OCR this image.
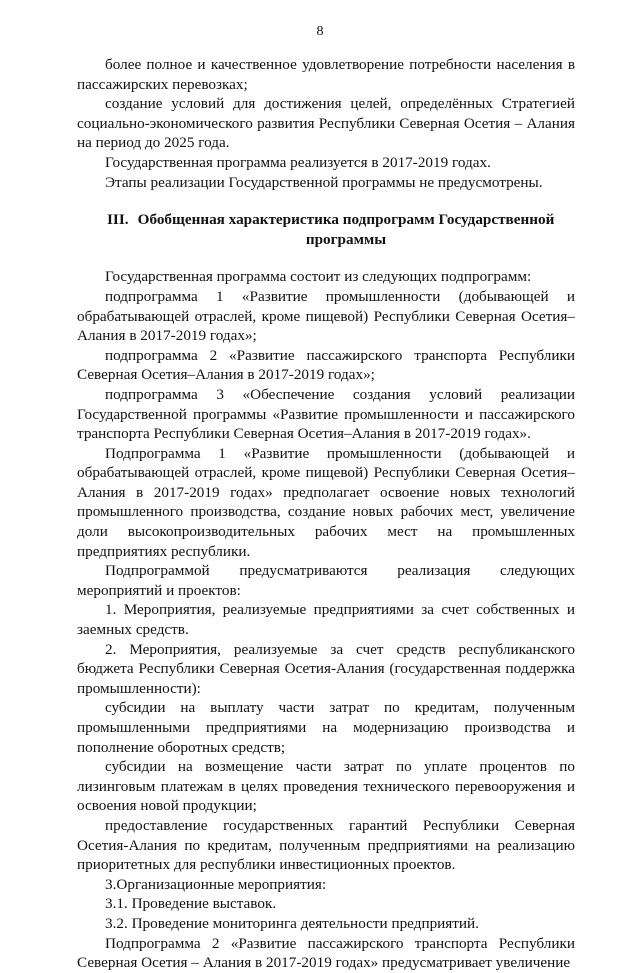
8

более полное и качественное удовлетворение потребности населения в пассажирских перевозках;

создание условий для достижения целей, определённых Стратегией социально-экономического развития Республики Северная Осетия – Алания на период до 2025 года.

Государственная программа реализуется в 2017-2019 годах.

Этапы реализации Государственной программы не предусмотрены.

III. Обобщенная характеристика подпрограмм Государственной программы

Государственная программа состоит из следующих подпрограмм:

подпрограмма 1 «Развитие промышленности (добывающей и обрабатывающей отраслей, кроме пищевой) Республики Северная Осетия–Алания в 2017-2019 годах»;

подпрограмма 2 «Развитие пассажирского транспорта Республики Северная Осетия–Алания в 2017-2019 годах»;

подпрограмма 3 «Обеспечение создания условий реализации Государственной программы «Развитие промышленности и пассажирского транспорта Республики Северная Осетия–Алания в 2017-2019 годах».

Подпрограмма 1 «Развитие промышленности (добывающей и обрабатывающей отраслей, кроме пищевой) Республики Северная Осетия–Алания в 2017-2019 годах» предполагает освоение новых технологий промышленного производства, создание новых рабочих мест, увеличение доли высокопроизводительных рабочих мест на промышленных предприятиях республики.

Подпрограммой предусматриваются реализация следующих мероприятий и проектов:

1. Мероприятия, реализуемые предприятиями за счет собственных и заемных средств.

2. Мероприятия, реализуемые за счет средств республиканского бюджета Республики Северная Осетия-Алания (государственная поддержка промышленности):

субсидии на выплату части затрат по кредитам, полученным промышленными предприятиями на модернизацию производства и пополнение оборотных средств;

субсидии на возмещение части затрат по уплате процентов по лизинговым платежам в целях проведения технического перевооружения и освоения новой продукции;

предоставление государственных гарантий Республики Северная Осетия-Алания по кредитам, полученным предприятиями на реализацию приоритетных для республики инвестиционных проектов.

3.Организационные мероприятия:

3.1. Проведение выставок.

3.2. Проведение мониторинга деятельности предприятий.

Подпрограмма 2 «Развитие пассажирского транспорта Республики Северная Осетия – Алания в 2017-2019 годах» предусматривает увеличение
